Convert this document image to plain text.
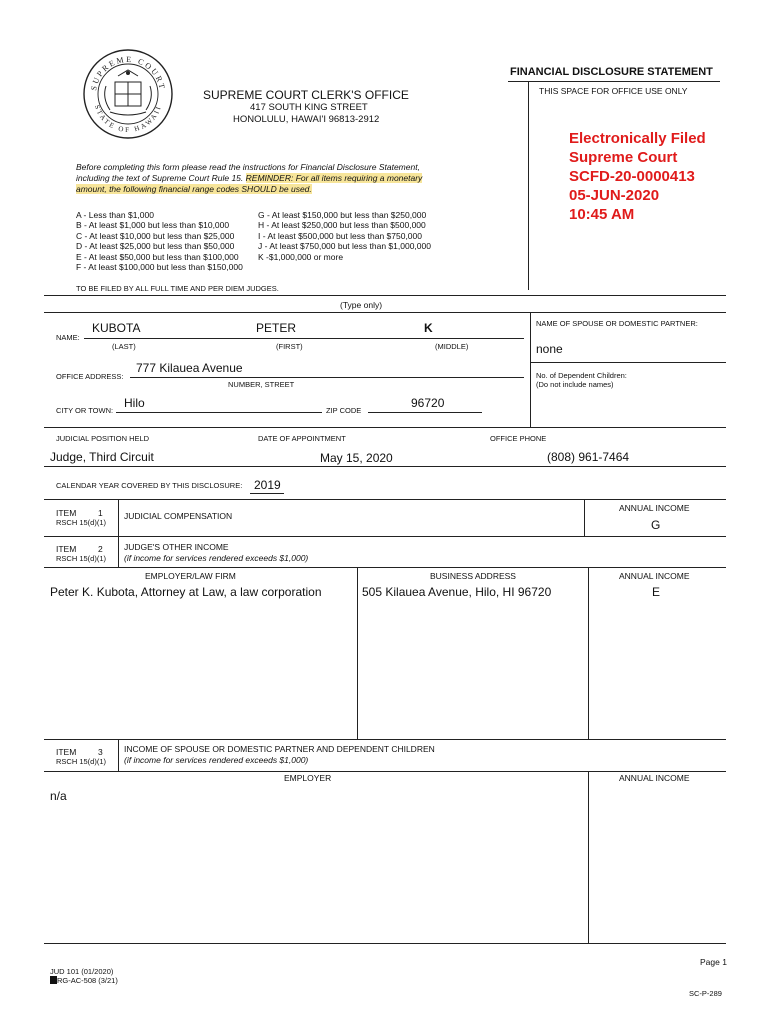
SUPREME COURT
STATE OF HAWAII
FINANCIAL DISCLOSURE STATEMENT
THIS SPACE FOR OFFICE USE ONLY
SUPREME COURT CLERK'S OFFICE
417 SOUTH KING STREET
HONOLULU, HAWAI'I 96813-2912
Electronically Filed
Supreme Court
SCFD-20-0000413
05-JUN-2020
10:45 AM
Before completing this form please read the instructions for Financial Disclosure Statement,
including the text of Supreme Court Rule 15. REMINDER: For all items requiring a monetary
amount, the following financial range codes SHOULD be used.
A - Less than $1,000
B - At least $1,000 but less than $10,000
C - At least $10,000 but less than $25,000
D - At least $25,000 but less than $50,000
E - At least $50,000 but less than $100,000
F - At least $100,000 but less than $150,000
G - At least $150,000 but less than $250,000
H - At least $250,000 but less than $500,000
I - At least $500,000 but less than $750,000
J - At least $750,000 but less than $1,000,000
K -$1,000,000 or more
TO BE FILED BY ALL FULL TIME AND PER DIEM JUDGES.
(Type only)
NAME:
KUBOTA	PETER	K
(LAST)	(FIRST)	(MIDDLE)
NAME OF SPOUSE OR DOMESTIC PARTNER:
none
No. of Dependent Children:
(Do not include names)
OFFICE ADDRESS:
777 Kilauea Avenue
NUMBER, STREET
CITY OR TOWN:
Hilo
ZIP CODE
96720
JUDICIAL POSITION HELD	DATE OF APPOINTMENT	OFFICE PHONE
Judge, Third Circuit	May 15, 2020	(808) 961-7464
CALENDAR YEAR COVERED BY THIS DISCLOSURE: 2019
ITEM	1
RSCH 15(d)(1)
JUDICIAL COMPENSATION
ANNUAL INCOME
G
ITEM	2
RSCH 15(d)(1)
JUDGE'S OTHER INCOME
(if income for services rendered exceeds $1,000)
EMPLOYER/LAW FIRM	BUSINESS ADDRESS	ANNUAL INCOME
Peter K. Kubota, Attorney at Law, a law corporation	505 Kilauea Avenue, Hilo, HI 96720	E
ITEM	3
RSCH 15(d)(1)
INCOME OF SPOUSE OR DOMESTIC PARTNER AND DEPENDENT CHILDREN
(if income for services rendered exceeds $1,000)
EMPLOYER	ANNUAL INCOME
n/a
Page 1
JUD 101 (01/2020)
RG-AC-508 (3/21)
SC-P-289
